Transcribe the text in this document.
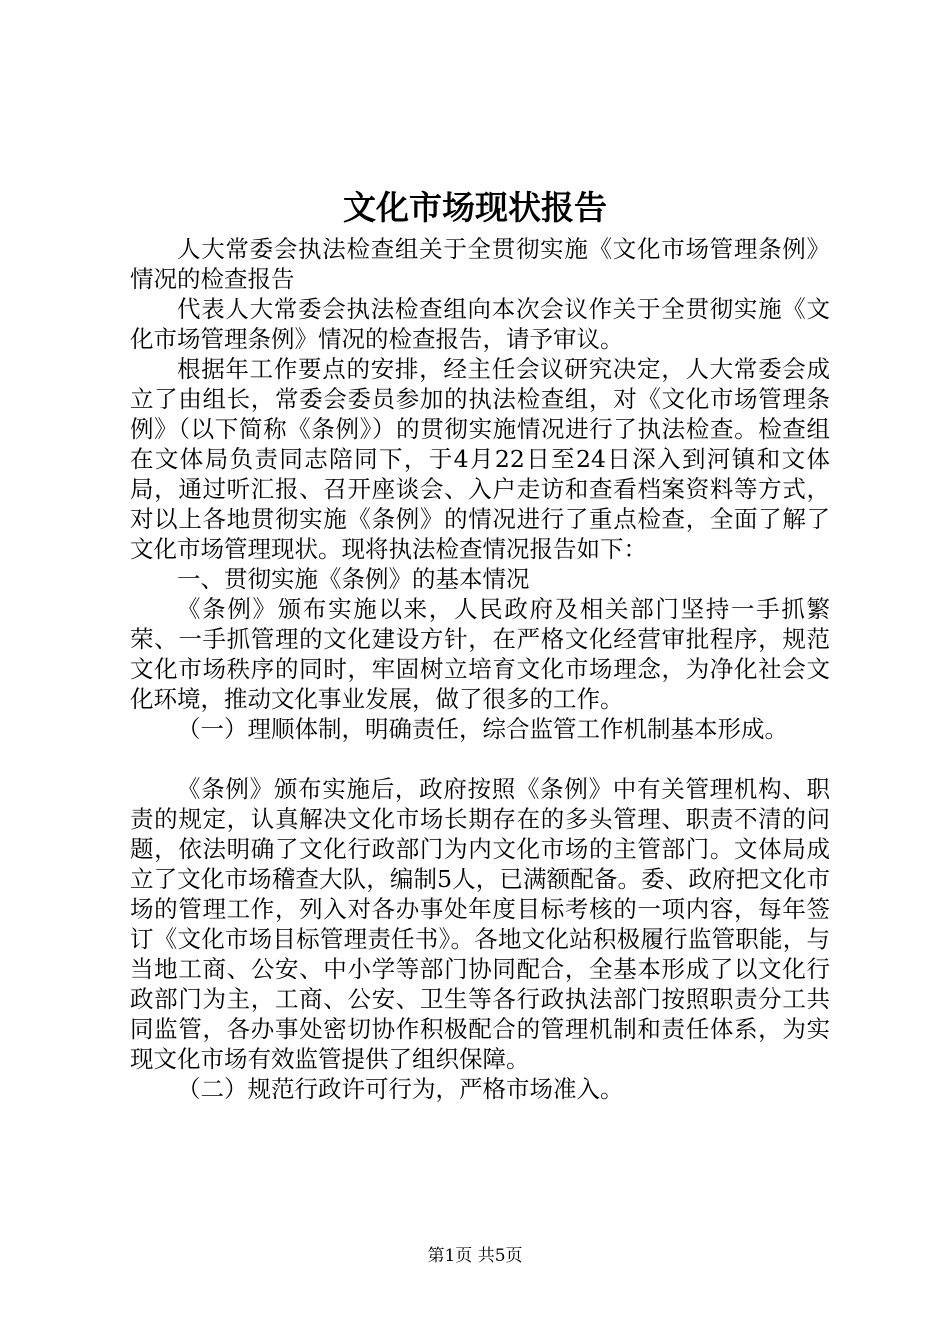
文化市场现状报告

人大常委会执法检查组关于全贯彻实施《文化市场管理条例》情况的检查报告

代表人大常委会执法检查组向本次会议作关于全贯彻实施《文化市场管理条例》情况的检查报告，请予审议。

根据年工作要点的安排，经主任会议研究决定，人大常委会成立了由组长，常委会委员参加的执法检查组，对《文化市场管理条例》（以下简称《条例》）的贯彻实施情况进行了执法检查。检查组在文体局负责同志陪同下，于4月22日至24日深入到河镇和文体局，通过听汇报、召开座谈会、入户走访和查看档案资料等方式，对以上各地贯彻实施《条例》的情况进行了重点检查，全面了解了文化市场管理现状。现将执法检查情况报告如下：

一、贯彻实施《条例》的基本情况

《条例》颁布实施以来，人民政府及相关部门坚持一手抓繁荣、一手抓管理的文化建设方针，在严格文化经营审批程序，规范文化市场秩序的同时，牢固树立培育文化市场理念，为净化社会文化环境，推动文化事业发展，做了很多的工作。

（一）理顺体制，明确责任，综合监管工作机制基本形成。

《条例》颁布实施后，政府按照《条例》中有关管理机构、职责的规定，认真解决文化市场长期存在的多头管理、职责不清的问题，依法明确了文化行政部门为内文化市场的主管部门。文体局成立了文化市场稽查大队，编制5人，已满额配备。委、政府把文化市场的管理工作，列入对各办事处年度目标考核的一项内容，每年签订《文化市场目标管理责任书》。各地文化站积极履行监管职能，与当地工商、公安、中小学等部门协同配合，全基本形成了以文化行政部门为主，工商、公安、卫生等各行政执法部门按照职责分工共同监管，各办事处密切协作积极配合的管理机制和责任体系，为实现文化市场有效监管提供了组织保障。

（二）规范行政许可行为，严格市场准入。

第1页 共5页
